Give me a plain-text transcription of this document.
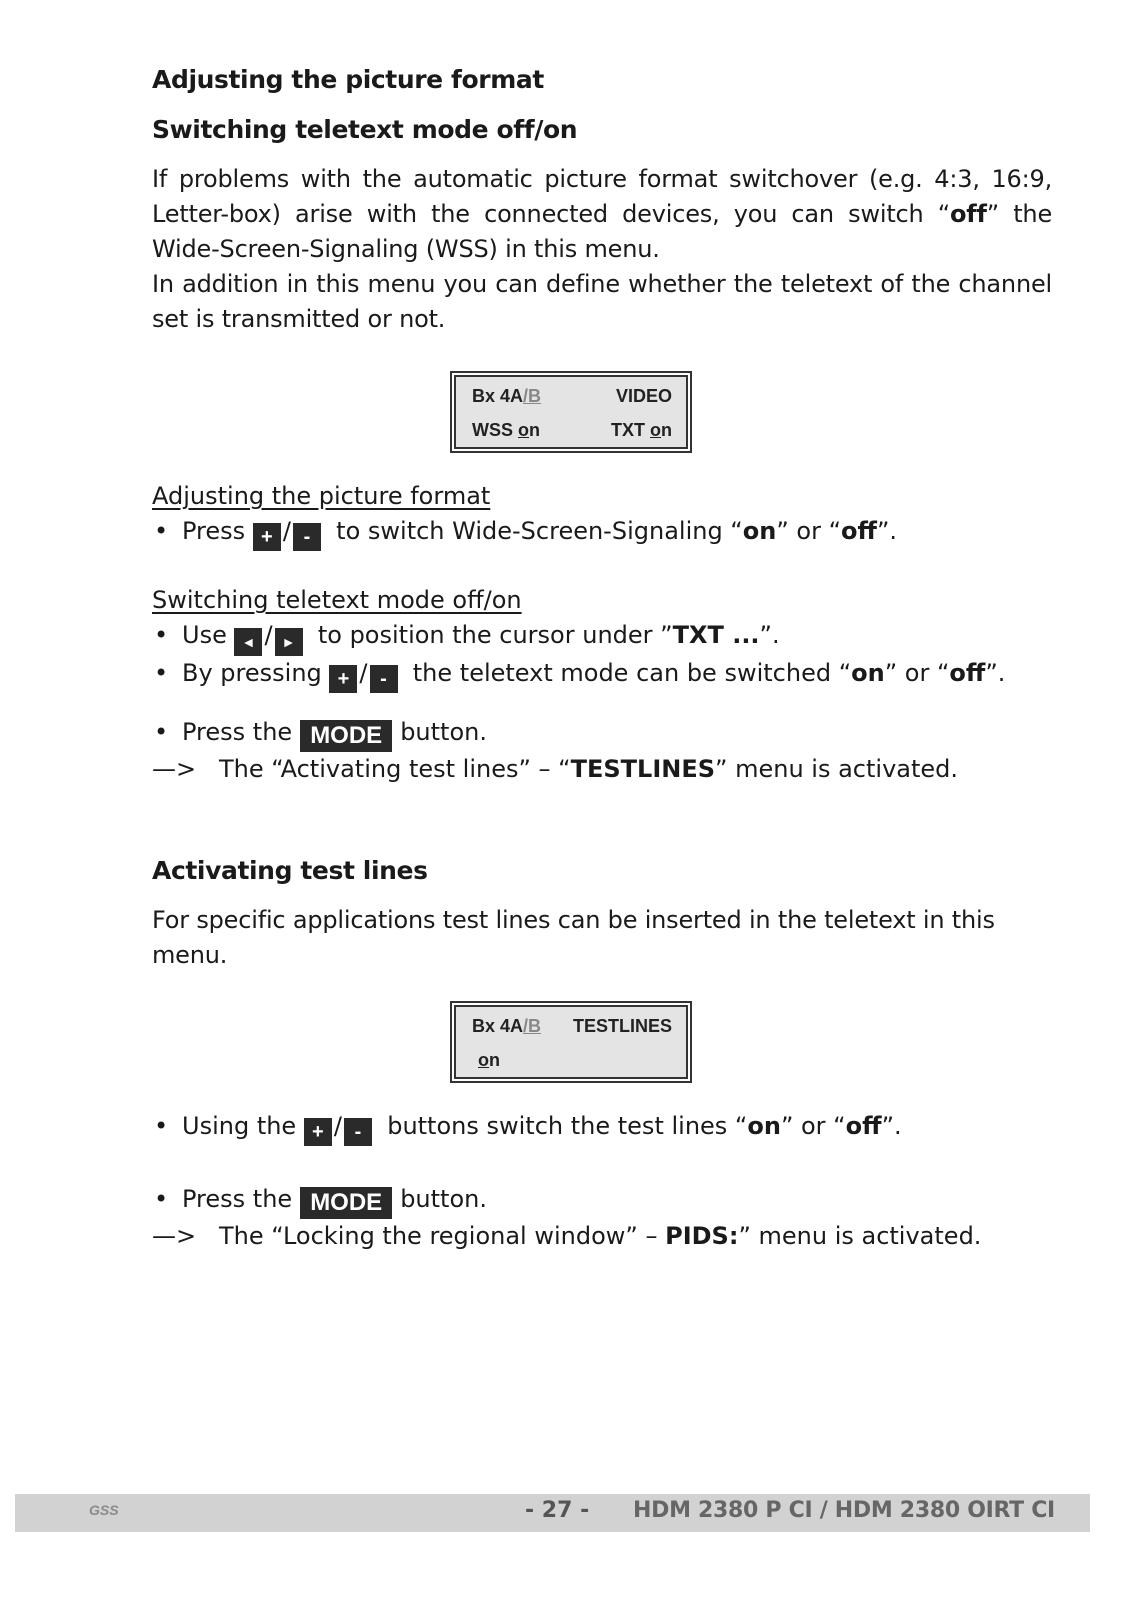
Adjusting the picture format
Switching teletext mode off/on

If problems with the automatic picture format switchover (e.g. 4:3, 16:9, Letter-box) arise with the connected devices, you can switch “off” the Wide-Screen-Signaling (WSS) in this menu.

In addition in this menu you can define whether the teletext of the channel set is transmitted or not.

Bx 4A/B	VIDEO
WSS on	TXT on
Adjusting the picture format
• Press + / - to switch Wide-Screen-Signaling “on” or “off”.
Switching teletext mode off/on
• Use ◄ / ► to position the cursor under ”TXT ...”.
• By pressing + / - the teletext mode can be switched “on” or “off”.
• Press the MODE button.
—> The “Activating test lines” – “TESTLINES” menu is activated.
Activating test lines

For specific applications test lines can be inserted in the teletext in this menu.

Bx 4A/B TESTLINES
on
• Using the + / - buttons switch the test lines “on” or “off”.
• Press the MODE button.
—> The “Locking the regional window” – PIDS:” menu is activated.
GSS	- 27 - HDM 2380 P CI / HDM 2380 OIRT CI
